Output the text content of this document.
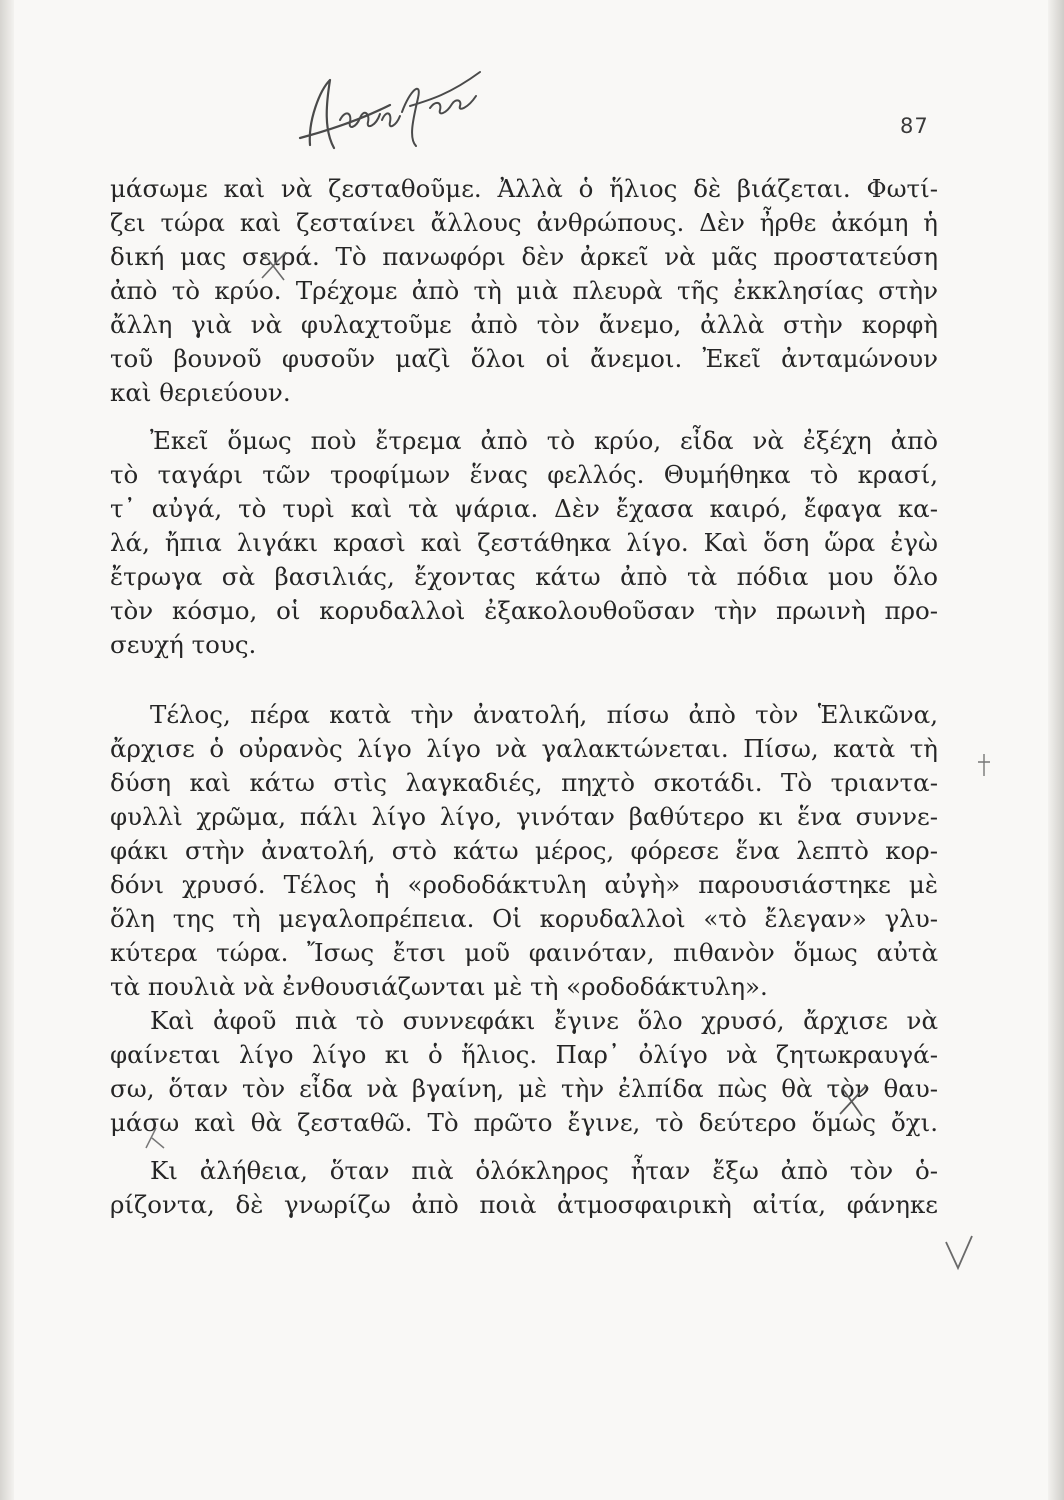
87
μάσωμε καὶ νὰ ζεσταθοῦμε. Ἀλλὰ ὁ ἥλιος δὲ βιάζεται. Φωτί-
ζει τώρα καὶ ζεσταίνει ἄλλους ἀνθρώπους. Δὲν ἦρθε ἀκόμη ἡ
δική μας σειρά. Τὸ πανωφόρι δὲν ἀρκεῖ νὰ μᾶς προστατεύση
ἀπὸ τὸ κρύο. Τρέχομε ἀπὸ τὴ μιὰ πλευρὰ τῆς ἐκκλησίας στὴν
ἄλλη γιὰ νὰ φυλαχτοῦμε ἀπὸ τὸν ἄνεμο, ἀλλὰ στὴν κορφὴ
τοῦ βουνοῦ φυσοῦν μαζὶ ὅλοι οἱ ἄνεμοι. Ἐκεῖ ἀνταμώνουν
καὶ θεριεύουν.
Ἐκεῖ ὅμως ποὺ ἔτρεμα ἀπὸ τὸ κρύο, εἶδα νὰ ἐξέχη ἀπὸ
τὸ ταγάρι τῶν τροφίμων ἕνας φελλός. Θυμήθηκα τὸ κρασί,
τ᾽ αὐγά, τὸ τυρὶ καὶ τὰ ψάρια. Δὲν ἔχασα καιρό, ἔφαγα κα-
λά, ἤπια λιγάκι κρασὶ καὶ ζεστάθηκα λίγο. Καὶ ὅση ὥρα ἐγὼ
ἔτρωγα σὰ βασιλιάς, ἔχοντας κάτω ἀπὸ τὰ πόδια μου ὅλο
τὸν κόσμο, οἱ κορυδαλλοὶ ἐξακολουθοῦσαν τὴν πρωινὴ προ-
σευχή τους.
Τέλος, πέρα κατὰ τὴν ἀνατολή, πίσω ἀπὸ τὸν Ἑλικῶνα,
ἄρχισε ὁ οὐρανὸς λίγο λίγο νὰ γαλακτώνεται. Πίσω, κατὰ τὴ
δύση καὶ κάτω στὶς λαγκαδιές, πηχτὸ σκοτάδι. Τὸ τριαντα-
φυλλὶ χρῶμα, πάλι λίγο λίγο, γινόταν βαθύτερο κι ἕνα συννε-
φάκι στὴν ἀνατολή, στὸ κάτω μέρος, φόρεσε ἕνα λεπτὸ κορ-
δόνι χρυσό. Τέλος ἡ «ροδοδάκτυλη αὐγὴ» παρουσιάστηκε μὲ
ὅλη της τὴ μεγαλοπρέπεια. Οἱ κορυδαλλοὶ «τὸ ἔλεγαν» γλυ-
κύτερα τώρα. Ἴσως ἔτσι μοῦ φαινόταν, πιθανὸν ὅμως αὐτὰ
τὰ πουλιὰ νὰ ἐνθουσιάζωνται μὲ τὴ «ροδοδάκτυλη».
Καὶ ἀφοῦ πιὰ τὸ συννεφάκι ἔγινε ὅλο χρυσό, ἄρχισε νὰ
φαίνεται λίγο λίγο κι ὁ ἥλιος. Παρ᾽ ὀλίγο νὰ ζητωκραυγά-
σω, ὅταν τὸν εἶδα νὰ βγαίνη, μὲ τὴν ἐλπίδα πὼς θὰ τὸν θαυ-
μάσω καὶ θὰ ζεσταθῶ. Τὸ πρῶτο ἔγινε, τὸ δεύτερο ὅμως ὄχι.
Κι ἀλήθεια, ὅταν πιὰ ὁλόκληρος ἦταν ἔξω ἀπὸ τὸν ὁ-
ρίζοντα, δὲ γνωρίζω ἀπὸ ποιὰ ἀτμοσφαιρικὴ αἰτία, φάνηκε
